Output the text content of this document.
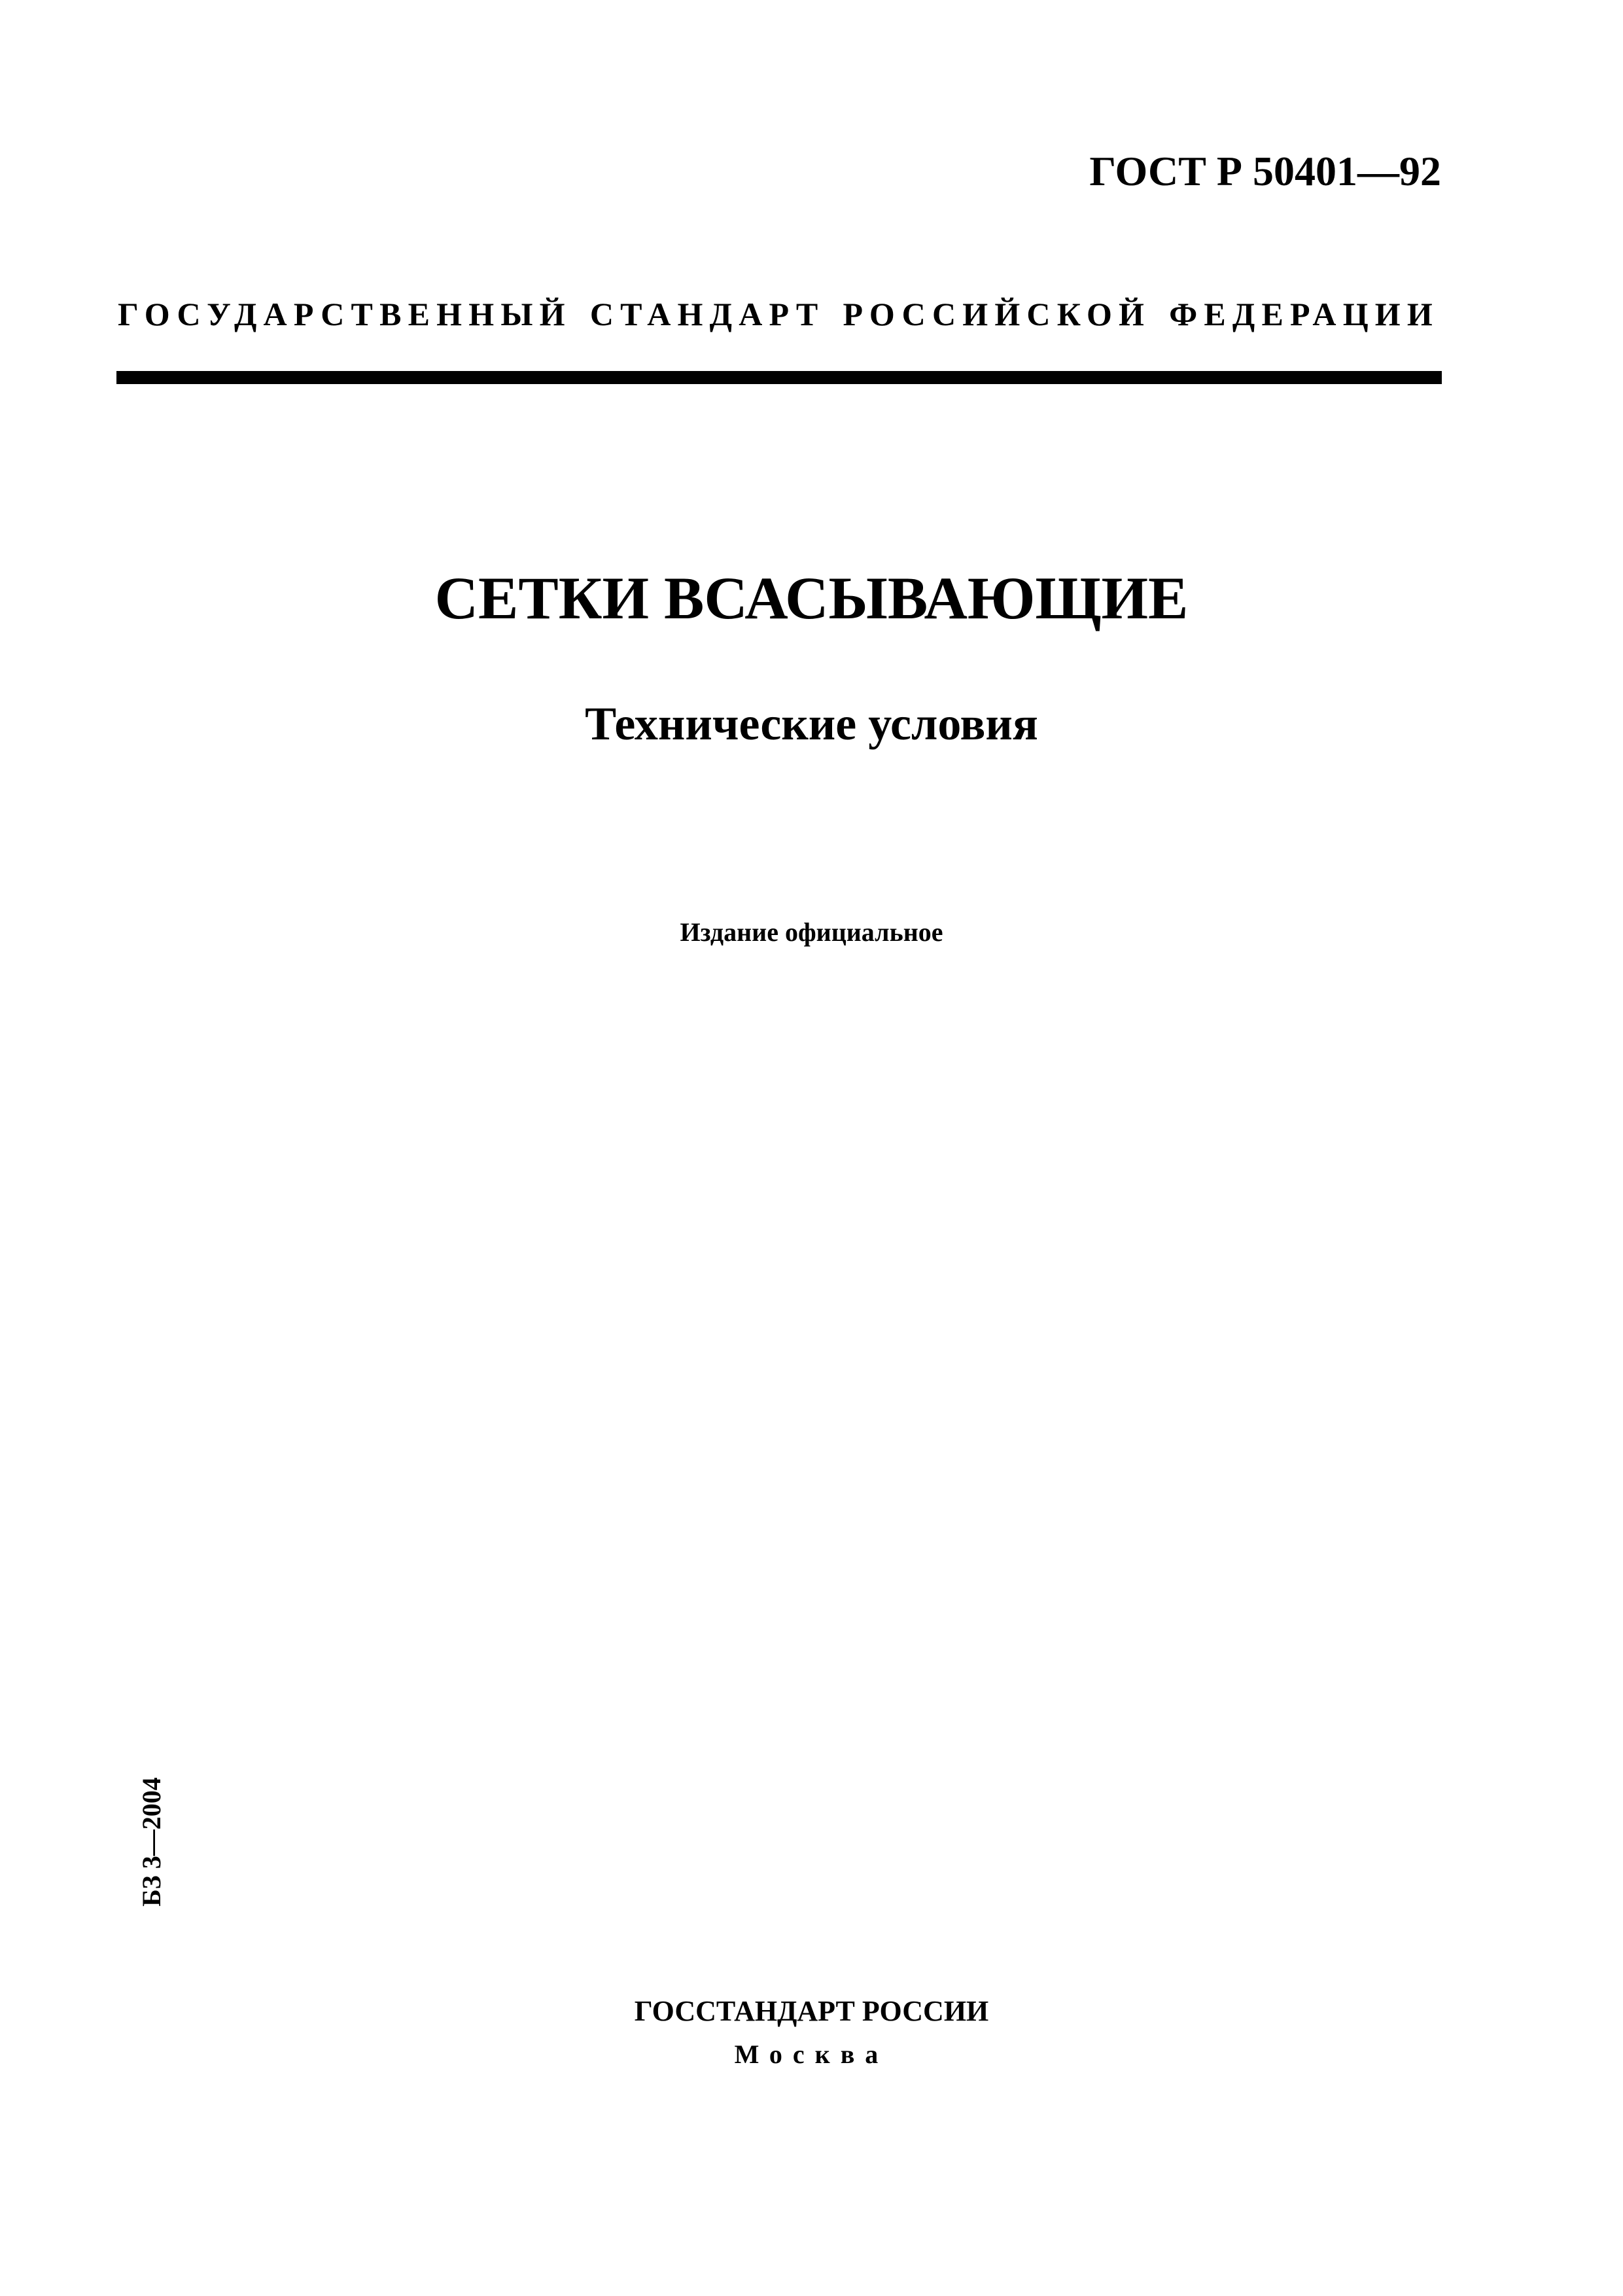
ГОСТ Р 50401—92
ГОСУДАРСТВЕННЫЙ СТАНДАРТ РОССИЙСКОЙ ФЕДЕРАЦИИ
СЕТКИ ВСАСЫВАЮЩИЕ
Технические условия
Издание официальное
БЗ 3—2004
ГОССТАНДАРТ РОССИИ
Москва
